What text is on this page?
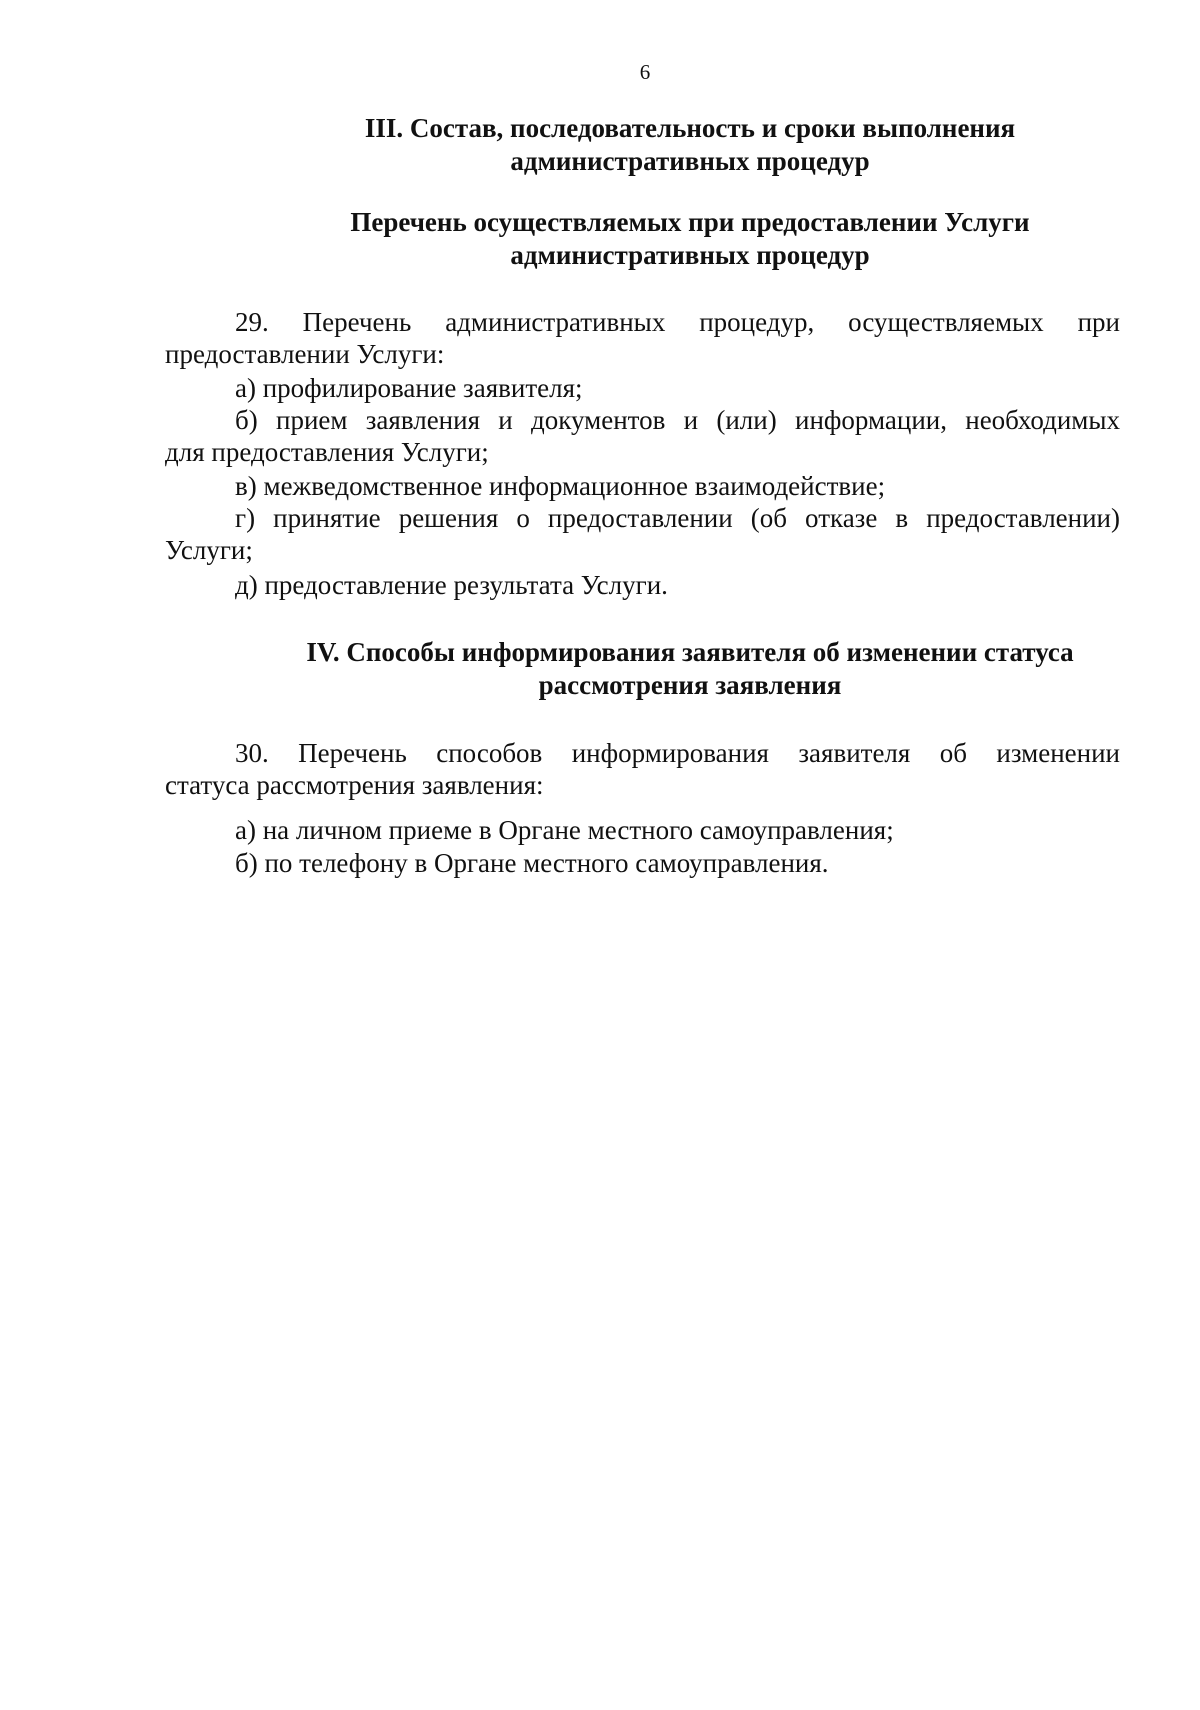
6
III. Состав, последовательность и сроки выполнения
административных процедур
Перечень осуществляемых при предоставлении Услуги
административных процедур
29. Перечень административных процедур, осуществляемых при
предоставлении Услуги:
а) профилирование заявителя;
б) прием заявления и документов и (или) информации, необходимых
для предоставления Услуги;
в) межведомственное информационное взаимодействие;
г) принятие решения о предоставлении (об отказе в предоставлении)
Услуги;
д) предоставление результата Услуги.
IV. Способы информирования заявителя об изменении статуса
рассмотрения заявления
30. Перечень способов информирования заявителя об изменении
статуса рассмотрения заявления:
а) на личном приеме в Органе местного самоуправления;
б) по телефону в Органе местного самоуправления.
